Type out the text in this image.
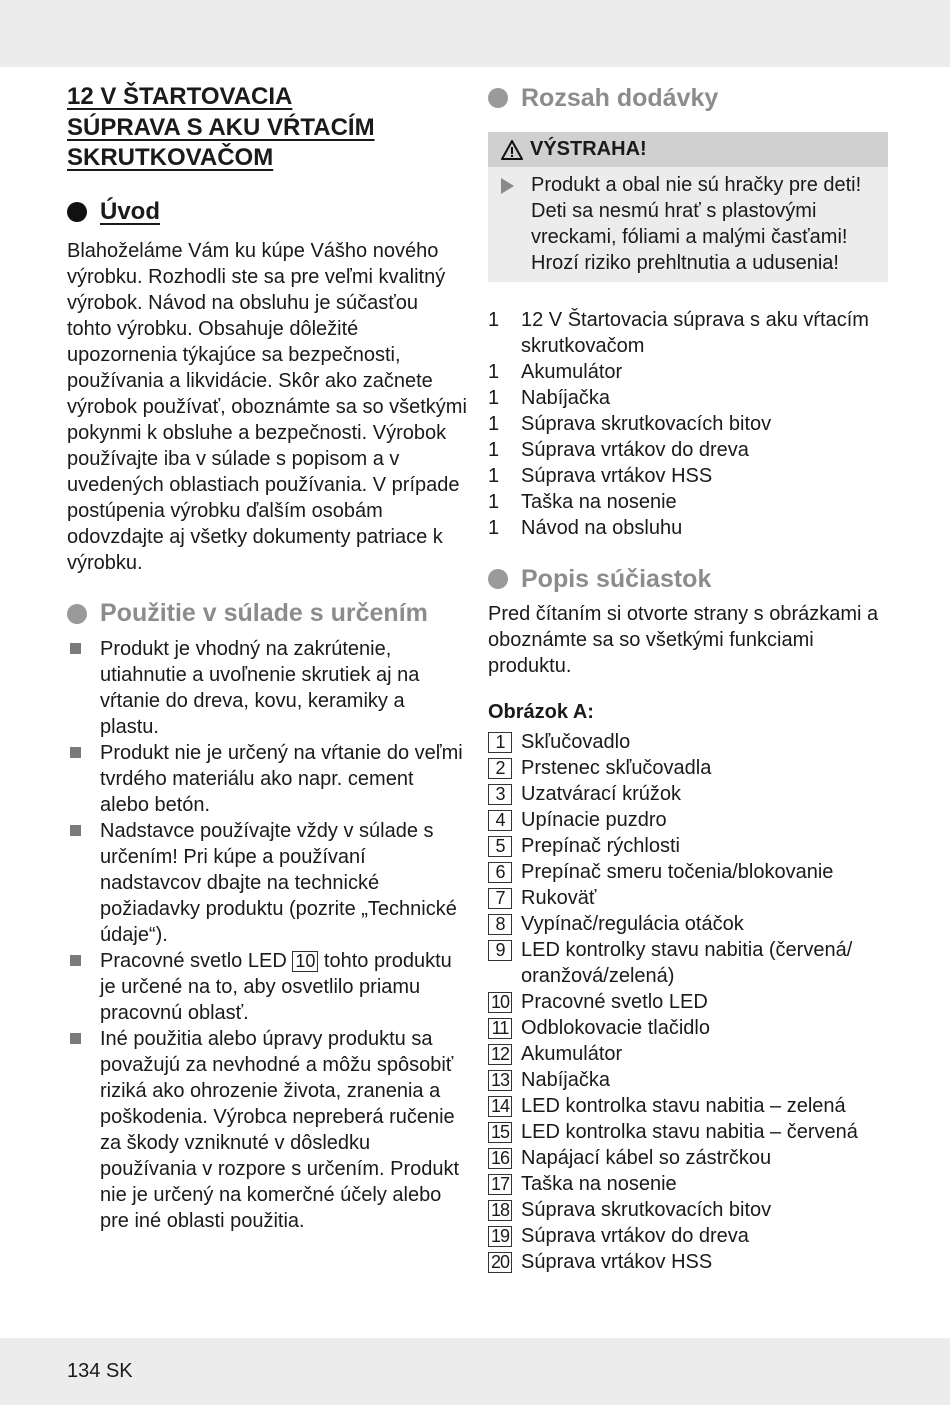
12 V ŠTARTOVACIA
SÚPRAVA S AKU VŔTACÍM
SKRUTKOVAČOM
Úvod

Blahoželáme Vám ku kúpe Vášho nového výrobku. Rozhodli ste sa pre veľmi kvalitný výrobok. Návod na obsluhu je súčasťou tohto výrobku. Obsahuje dôležité upozornenia týkajúce sa bezpečnosti, používania a likvidácie. Skôr ako začnete výrobok používať, oboznámte sa so všetkými pokynmi k obsluhe a bezpečnosti. Výrobok používajte iba v súlade s popisom a v uvedených oblastiach používania. V prípade postúpenia výrobku ďalším osobám odovzdajte aj všetky dokumenty patriace k výrobku.

Použitie v súlade s určením
Produkt je vhodný na zakrútenie, utiahnutie a uvoľnenie skrutiek aj na vŕtanie do dreva, kovu, keramiky a plastu.
Produkt nie je určený na vŕtanie do veľmi tvrdého materiálu ako napr. cement alebo betón.
Nadstavce používajte vždy v súlade s určením! Pri kúpe a používaní nadstavcov dbajte na technické požiadavky produktu (pozrite „Technické údaje“).
Pracovné svetlo LED 10 tohto produktu je určené na to, aby osvetlilo priamu pracovnú oblasť.
Iné použitia alebo úpravy produktu sa považujú za nevhodné a môžu spôsobiť riziká ako ohrozenie života, zranenia a poškodenia. Výrobca nepreberá ručenie za škody vzniknuté v dôsledku používania v rozpore s určením. Produkt nie je určený na komerčné účely alebo pre iné oblasti použitia.
Rozsah dodávky
VÝSTRAHA!
Produkt a obal nie sú hračky pre deti! Deti sa nesmú hrať s plastovými vreckami, fóliami a malými časťami! Hrozí riziko prehltnutia a udusenia!
1 12 V Štartovacia súprava s aku vŕtacím skrutkovačom
1 Akumulátor
1 Nabíjačka
1 Súprava skrutkovacích bitov
1 Súprava vrtákov do dreva
1 Súprava vrtákov HSS
1 Taška na nosenie
1 Návod na obsluhu
Popis súčiastok

Pred čítaním si otvorte strany s obrázkami a oboznámte sa so všetkými funkciami produktu.

Obrázok A:
1 Skľučovadlo
2 Prstenec skľučovadla
3 Uzatvárací krúžok
4 Upínacie puzdro
5 Prepínač rýchlosti
6 Prepínač smeru točenia/blokovanie
7 Rukoväť
8 Vypínač/regulácia otáčok
9 LED kontrolky stavu nabitia (červená/ oranžová/zelená)
10 Pracovné svetlo LED
11 Odblokovacie tlačidlo
12 Akumulátor
13 Nabíjačka
14 LED kontrolka stavu nabitia – zelená
15 LED kontrolka stavu nabitia – červená
16 Napájací kábel so zástrčkou
17 Taška na nosenie
18 Súprava skrutkovacích bitov
19 Súprava vrtákov do dreva
20 Súprava vrtákov HSS
134 SK
